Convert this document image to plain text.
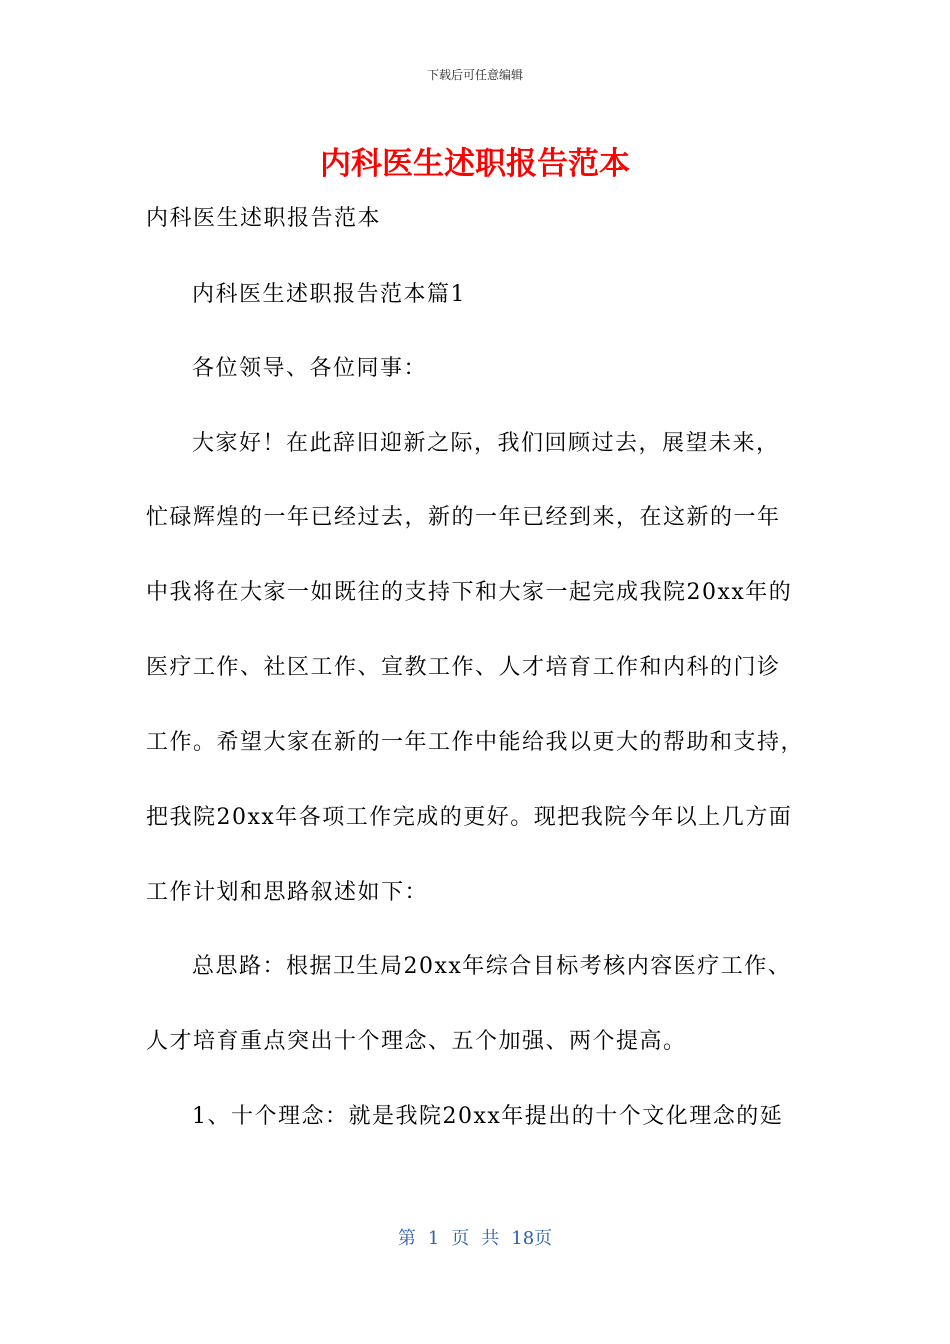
下载后可任意编辑
内科医生述职报告范本
内科医生述职报告范本
内科医生述职报告范本篇1
各位领导、各位同事：
大家好！在此辞旧迎新之际，我们回顾过去，展望未来，
忙碌辉煌的一年已经过去，新的一年已经到来，在这新的一年
中我将在大家一如既往的支持下和大家一起完成我院20xx年的
医疗工作、社区工作、宣教工作、人才培育工作和内科的门诊
工作。希望大家在新的一年工作中能给我以更大的帮助和支持，
把我院20xx年各项工作完成的更好。现把我院今年以上几方面
工作计划和思路叙述如下：
总思路：根据卫生局20xx年综合目标考核内容医疗工作、
人才培育重点突出十个理念、五个加强、两个提高。
1、十个理念：就是我院20xx年提出的十个文化理念的延
第 1 页 共 18页
